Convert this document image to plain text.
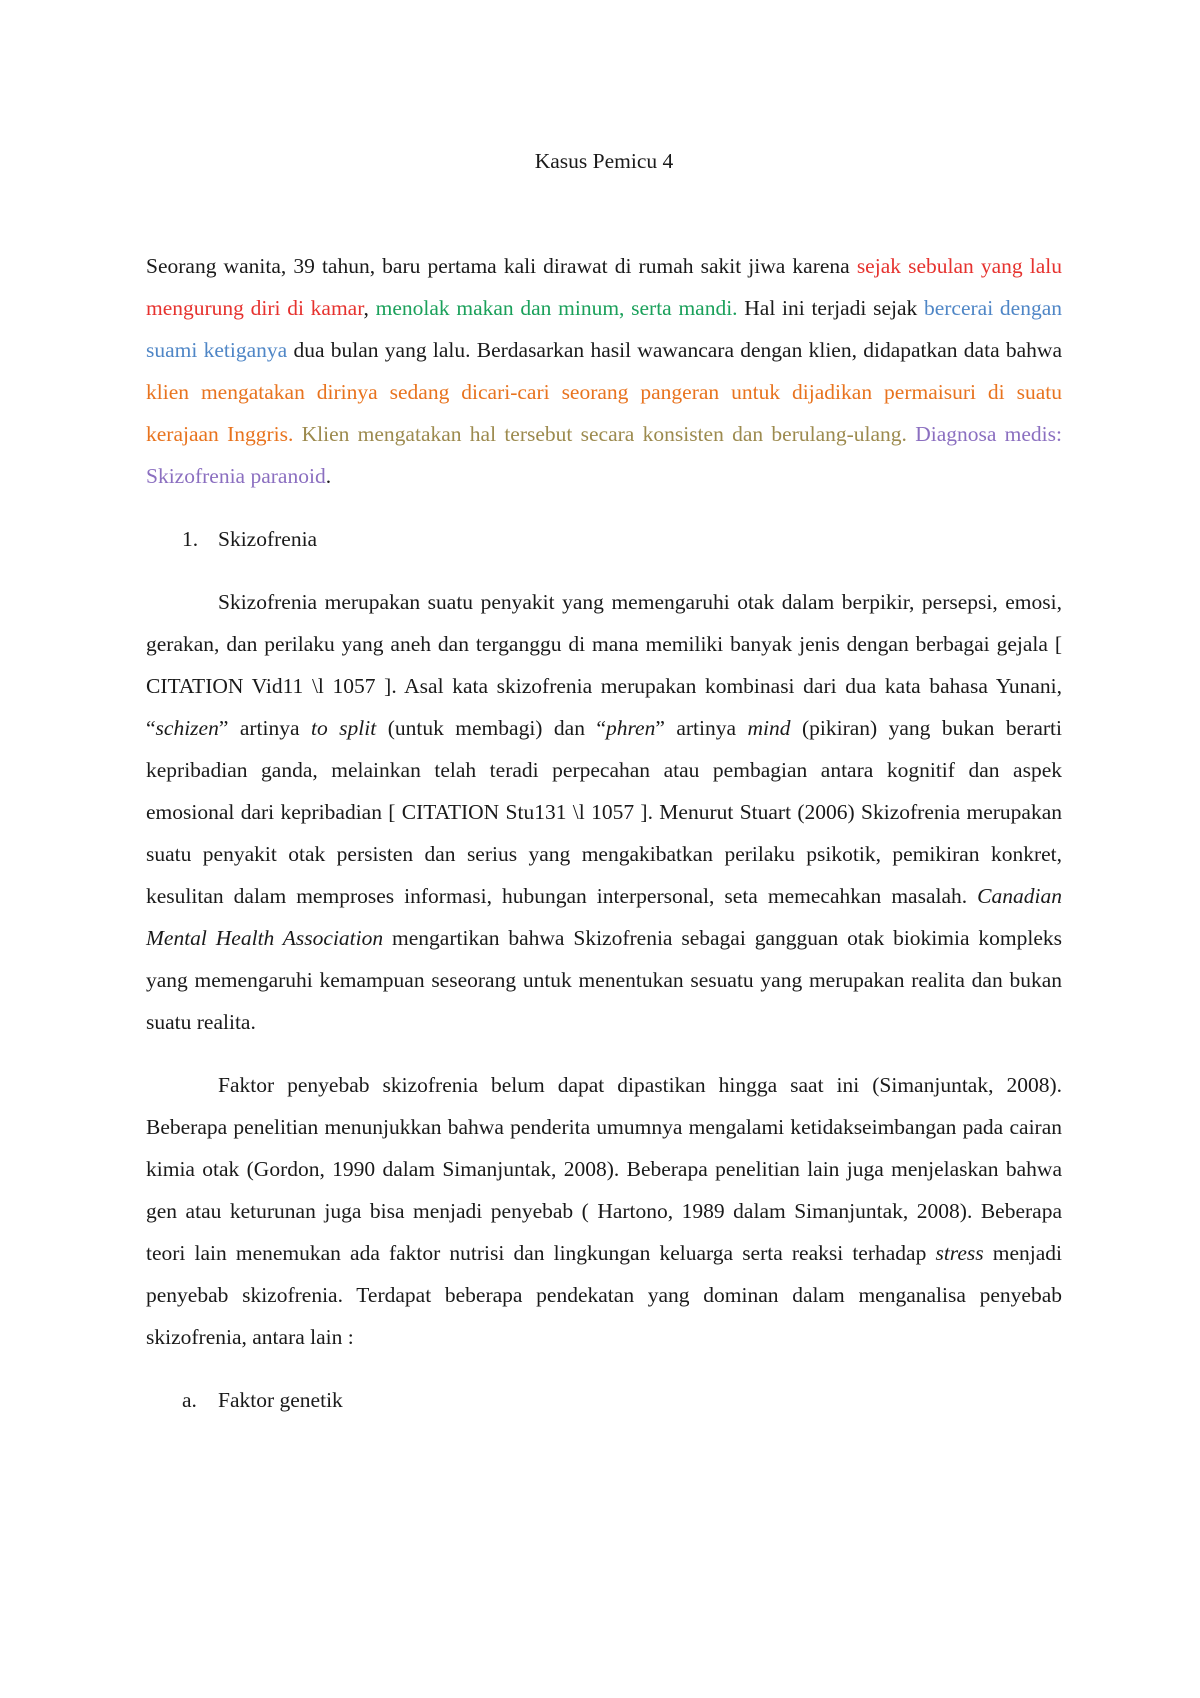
Kasus Pemicu 4

Seorang wanita, 39 tahun, baru pertama kali dirawat di rumah sakit jiwa karena sejak sebulan yang lalu mengurung diri di kamar, menolak makan dan minum, serta mandi. Hal ini terjadi sejak bercerai dengan suami ketiganya dua bulan yang lalu. Berdasarkan hasil wawancara dengan klien, didapatkan data bahwa klien mengatakan dirinya sedang dicari-cari seorang pangeran untuk dijadikan permaisuri di suatu kerajaan Inggris. Klien mengatakan hal tersebut secara konsisten dan berulang-ulang. Diagnosa medis: Skizofrenia paranoid.

1. Skizofrenia

Skizofrenia merupakan suatu penyakit yang memengaruhi otak dalam berpikir, persepsi, emosi, gerakan, dan perilaku yang aneh dan terganggu di mana memiliki banyak jenis dengan berbagai gejala [ CITATION Vid11 \l 1057 ]. Asal kata skizofrenia merupakan kombinasi dari dua kata bahasa Yunani, “schizen” artinya to split (untuk membagi) dan “phren” artinya mind (pikiran) yang bukan berarti kepribadian ganda, melainkan telah teradi perpecahan atau pembagian antara kognitif dan aspek emosional dari kepribadian [ CITATION Stu131 \l 1057 ]. Menurut Stuart (2006) Skizofrenia merupakan suatu penyakit otak persisten dan serius yang mengakibatkan perilaku psikotik, pemikiran konkret, kesulitan dalam memproses informasi, hubungan interpersonal, seta memecahkan masalah. Canadian Mental Health Association mengartikan bahwa Skizofrenia sebagai gangguan otak biokimia kompleks yang memengaruhi kemampuan seseorang untuk menentukan sesuatu yang merupakan realita dan bukan suatu realita.

Faktor penyebab skizofrenia belum dapat dipastikan hingga saat ini (Simanjuntak, 2008). Beberapa penelitian menunjukkan bahwa penderita umumnya mengalami ketidakseimbangan pada cairan kimia otak (Gordon, 1990 dalam Simanjuntak, 2008). Beberapa penelitian lain juga menjelaskan bahwa gen atau keturunan juga bisa menjadi penyebab ( Hartono, 1989 dalam Simanjuntak, 2008). Beberapa teori lain menemukan ada faktor nutrisi dan lingkungan keluarga serta reaksi terhadap stress menjadi penyebab skizofrenia. Terdapat beberapa pendekatan yang dominan dalam menganalisa penyebab skizofrenia, antara lain :

a. Faktor genetik
